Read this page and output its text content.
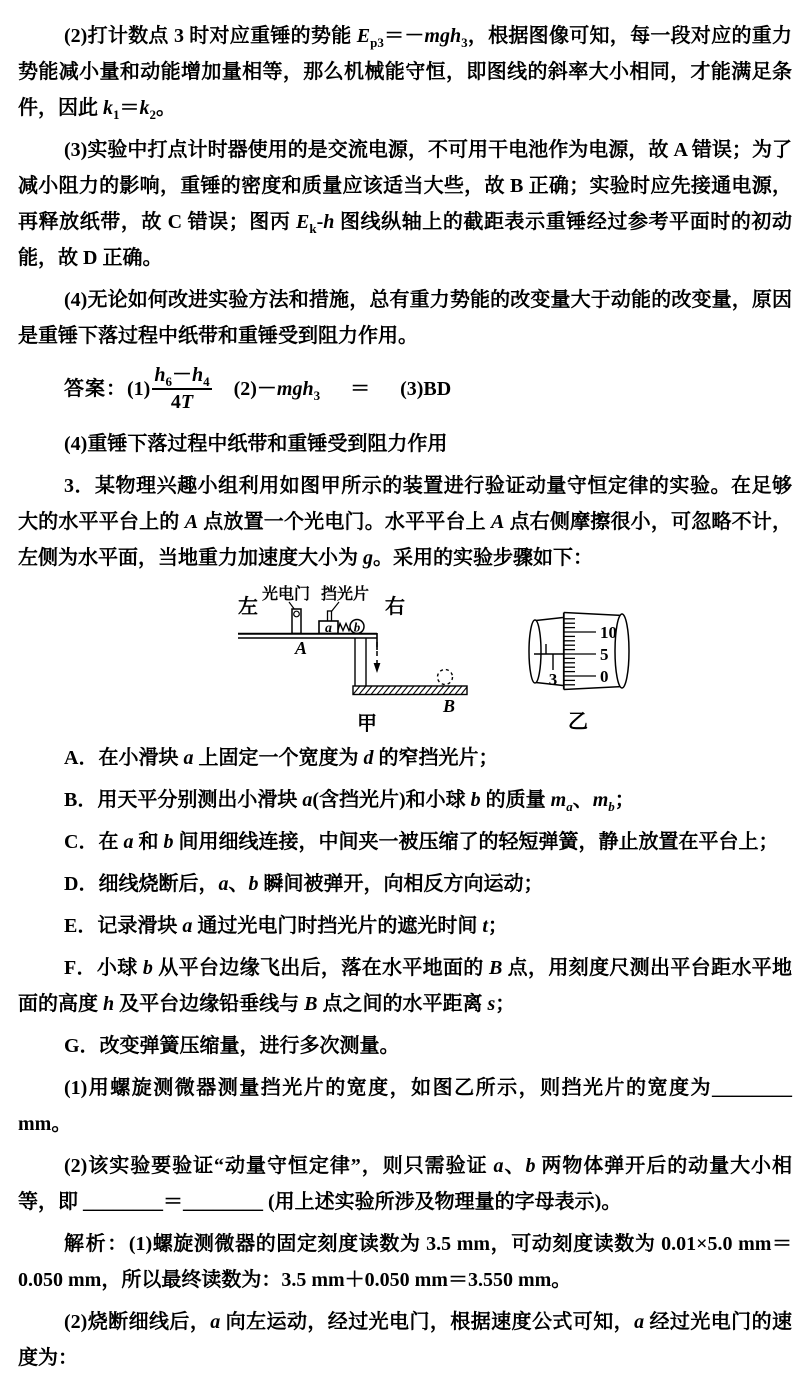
(2)打计数点 3 时对应重锤的势能 $E_{p3}=-mgh_3$，根据图像可知，每一段对应的重力势能减小量和动能增加量相等，那么机械能守恒，即图线的斜率大小相同，才能满足条件，因此 $k_1=k_2$。

(3)实验中打点计时器使用的是交流电源，不可用干电池作为电源，故 A 错误；为了减小阻力的影响，重锤的密度和质量应该适当大些，故 B 正确；实验时应先接通电源，再释放纸带，故 C 错误；图丙 $E_k-h$ 图线纵轴上的截距表示重锤经过参考平面时的初动能，故 D 正确。

(4)无论如何改进实验方法和措施，总有重力势能的改变量大于动能的改变量，原因是重锤下落过程中纸带和重锤受到阻力作用。

答案： $(1) \frac{h_6-h_4}{4T} (2)-mgh_3 = (3)BD$

(4)重锤下落过程中纸带和重锤受到阻力作用

3．某物理兴趣小组利用如图甲所示的装置进行验证动量守恒定律的实验。在足够大的水平平台上的 A 点放置一个光电门。水平平台上 A 点右侧摩擦很小，可忽略不计，左侧为水平面，当地重力加速度大小为 g。采用的实验步骤如下：

左	右
光电门 挡光片
a b
A
B
甲
3
10
5
0
乙

A．在小滑块 a 上固定一个宽度为 d 的窄挡光片；

B．用天平分别测出小滑块 a(含挡光片)和小球 b 的质量 $m_a$、$m_b$；

C．在 a 和 b 间用细线连接，中间夹一被压缩了的轻短弹簧，静止放置在平台上；

D．细线烧断后，a、b 瞬间被弹开，向相反方向运动；

E．记录滑块 a 通过光电门时挡光片的遮光时间 t；

F．小球 b 从平台边缘飞出后，落在水平地面的 B 点，用刻度尺测出平台距水平地面的高度 h 及平台边缘铅垂线与 B 点之间的水平距离 s；

G．改变弹簧压缩量，进行多次测量。

(1)用螺旋测微器测量挡光片的宽度，如图乙所示，则挡光片的宽度为________ mm。

(2)该实验要验证“动量守恒定律”，则只需验证 a、b 两物体弹开后的动量大小相等，即 ________＝________ (用上述实验所涉及物理量的字母表示)。

解析：(1)螺旋测微器的固定刻度读数为 3.5 mm，可动刻度读数为 0.01×5.0 mm＝0.050 mm，所以最终读数为：3.5 mm＋0.050 mm＝3.550 mm。

(2)烧断细线后，a 向左运动，经过光电门，根据速度公式可知，a 经过光电门的速度为：
